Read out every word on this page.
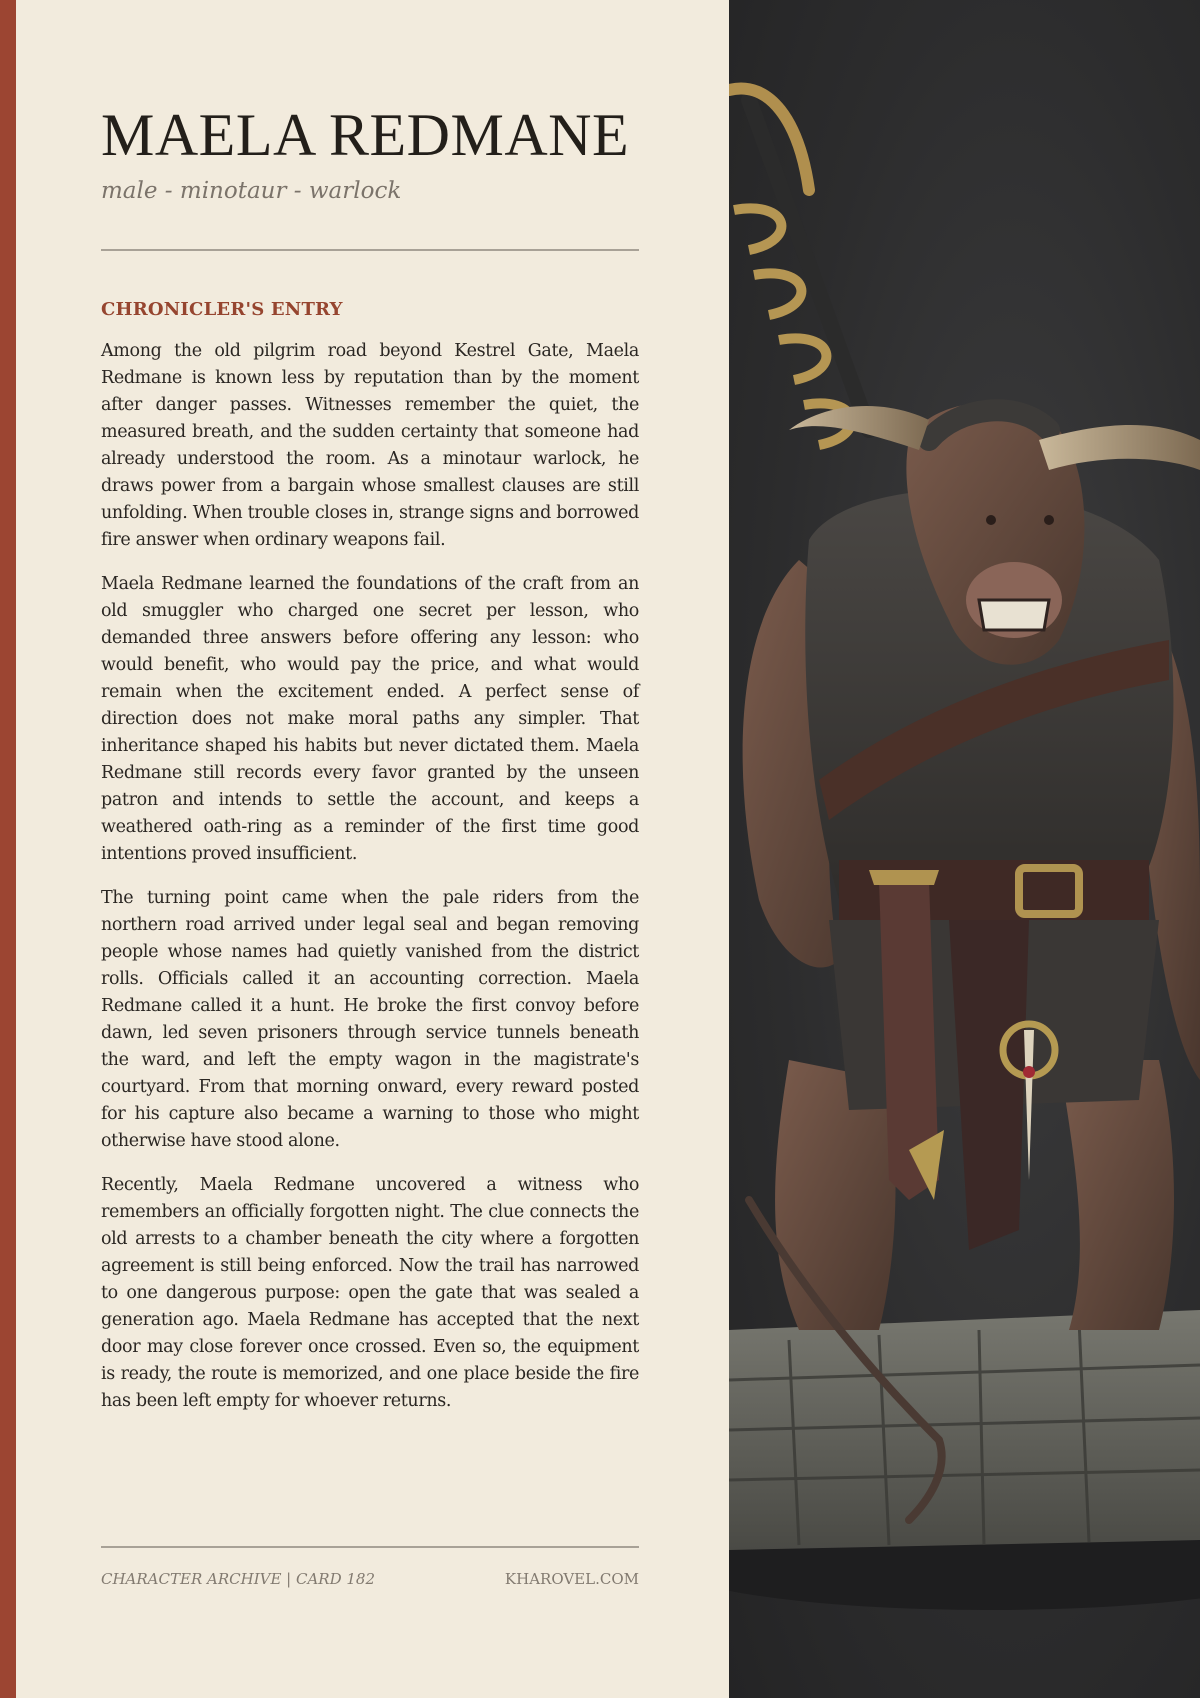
MAELA REDMANE

male - minotaur - warlock

CHRONICLER'S ENTRY

Among the old pilgrim road beyond Kestrel Gate, Maela Redmane is known less by reputation than by the moment after danger passes. Witnesses remember the quiet, the measured breath, and the sudden certainty that someone had already understood the room. As a minotaur warlock, he draws power from a bargain whose smallest clauses are still unfolding. When trouble closes in, strange signs and borrowed fire answer when ordinary weapons fail.

Maela Redmane learned the foundations of the craft from an old smuggler who charged one secret per lesson, who demanded three answers before offering any lesson: who would benefit, who would pay the price, and what would remain when the excitement ended. A perfect sense of direction does not make moral paths any simpler. That inheritance shaped his habits but never dictated them. Maela Redmane still records every favor granted by the unseen patron and intends to settle the account, and keeps a weathered oath-ring as a reminder of the first time good intentions proved insufficient.

The turning point came when the pale riders from the northern road arrived under legal seal and began removing people whose names had quietly vanished from the district rolls. Officials called it an accounting correction. Maela Redmane called it a hunt. He broke the first convoy before dawn, led seven prisoners through service tunnels beneath the ward, and left the empty wagon in the magistrate's courtyard. From that morning onward, every reward posted for his capture also became a warning to those who might otherwise have stood alone.

Recently, Maela Redmane uncovered a witness who remembers an officially forgotten night. The clue connects the old arrests to a chamber beneath the city where a forgotten agreement is still being enforced. Now the trail has narrowed to one dangerous purpose: open the gate that was sealed a generation ago. Maela Redmane has accepted that the next door may close forever once crossed. Even so, the equipment is ready, the route is memorized, and one place beside the fire has been left empty for whoever returns.

CHARACTER ARCHIVE | CARD 182	KHAROVEL.COM
